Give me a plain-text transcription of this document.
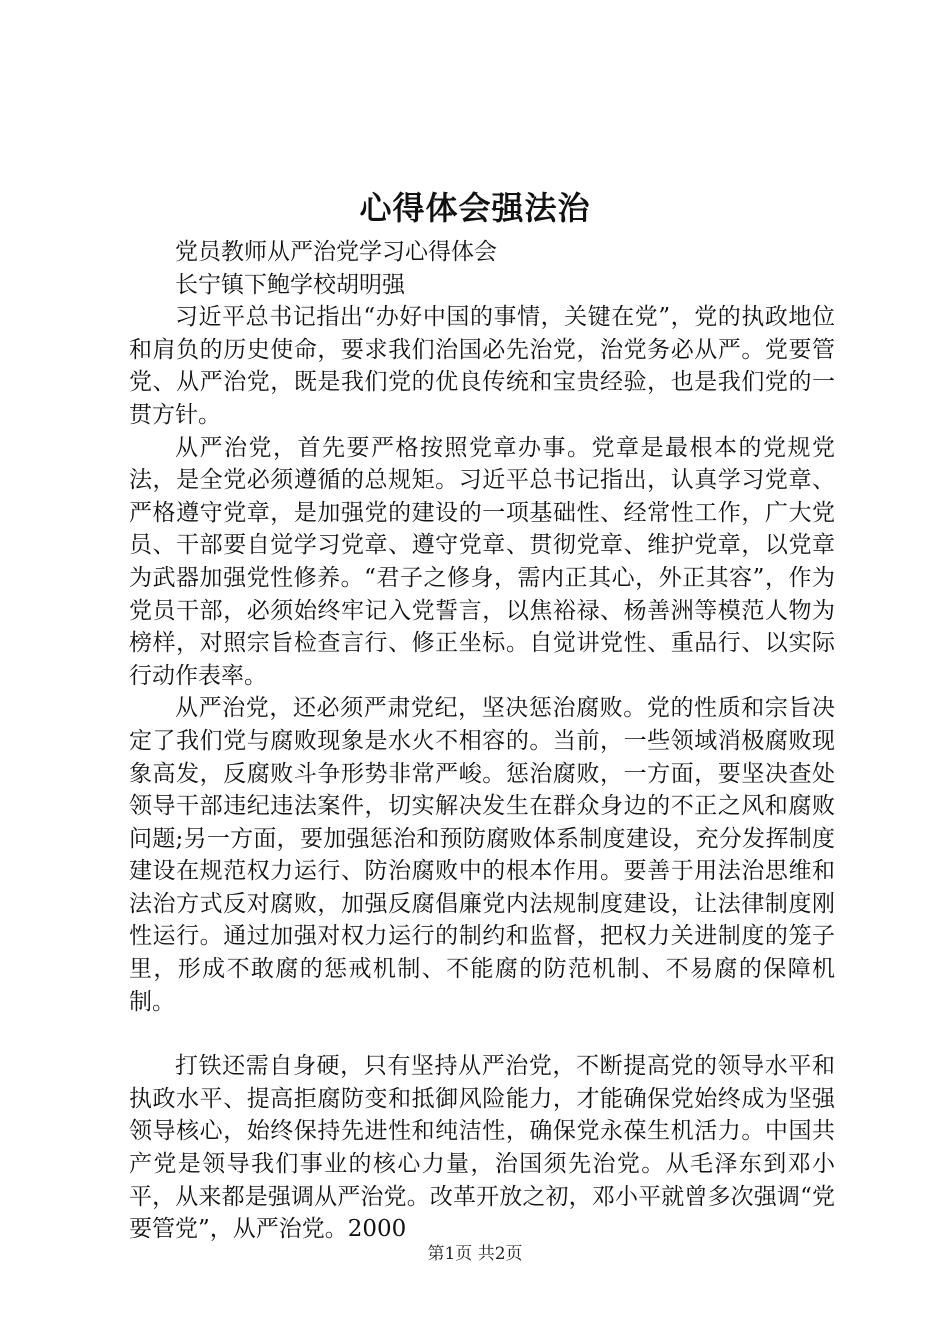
心得体会强法治

党员教师从严治党学习心得体会

长宁镇下鲍学校胡明强

习近平总书记指出“办好中国的事情，关键在党”，党的执政地位和肩负的历史使命，要求我们治国必先治党，治党务必从严。党要管党、从严治党，既是我们党的优良传统和宝贵经验，也是我们党的一贯方针。

从严治党，首先要严格按照党章办事。党章是最根本的党规党法，是全党必须遵循的总规矩。习近平总书记指出，认真学习党章、严格遵守党章，是加强党的建设的一项基础性、经常性工作，广大党员、干部要自觉学习党章、遵守党章、贯彻党章、维护党章，以党章为武器加强党性修养。“君子之修身，需内正其心，外正其容”，作为党员干部，必须始终牢记入党誓言，以焦裕禄、杨善洲等模范人物为榜样，对照宗旨检查言行、修正坐标。自觉讲党性、重品行、以实际行动作表率。

从严治党，还必须严肃党纪，坚决惩治腐败。党的性质和宗旨决定了我们党与腐败现象是水火不相容的。当前，一些领域消极腐败现象高发，反腐败斗争形势非常严峻。惩治腐败，一方面，要坚决查处领导干部违纪违法案件，切实解决发生在群众身边的不正之风和腐败问题;另一方面，要加强惩治和预防腐败体系制度建设，充分发挥制度建设在规范权力运行、防治腐败中的根本作用。要善于用法治思维和法治方式反对腐败，加强反腐倡廉党内法规制度建设，让法律制度刚性运行。通过加强对权力运行的制约和监督，把权力关进制度的笼子里，形成不敢腐的惩戒机制、不能腐的防范机制、不易腐的保障机制。

打铁还需自身硬，只有坚持从严治党，不断提高党的领导水平和执政水平、提高拒腐防变和抵御风险能力，才能确保党始终成为坚强领导核心，始终保持先进性和纯洁性，确保党永葆生机活力。中国共产党是领导我们事业的核心力量，治国须先治党。从毛泽东到邓小平，从来都是强调从严治党。改革开放之初，邓小平就曾多次强调“党要管党”，从严治党。2000

第1页 共2页
